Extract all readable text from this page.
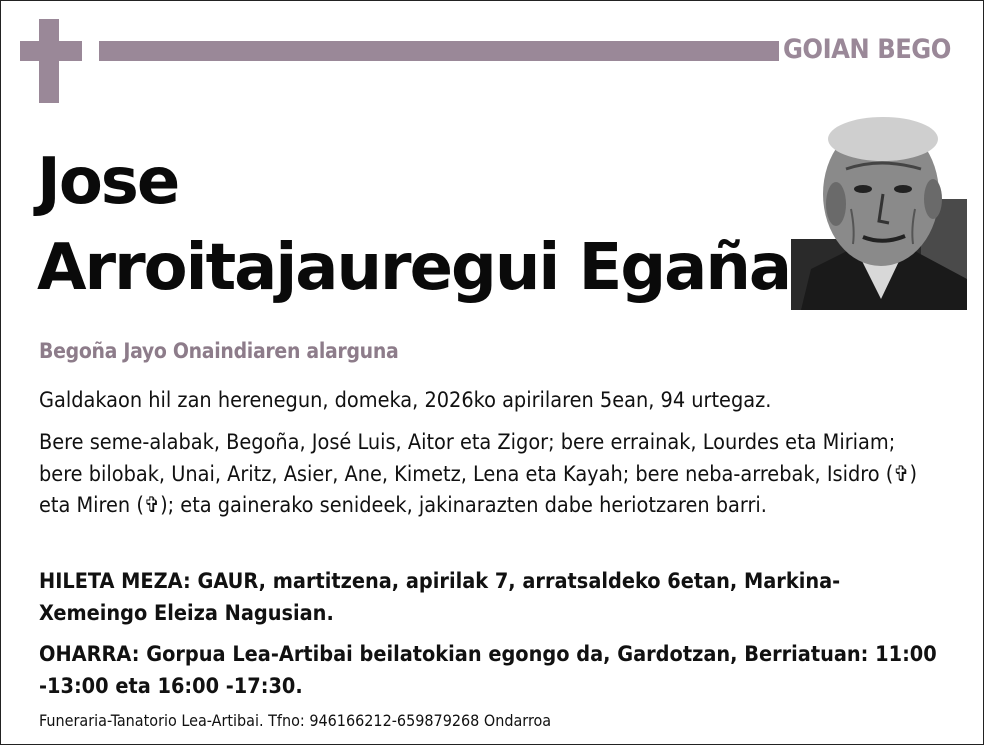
GOIAN BEGO
Jose
Arroitajauregui Egaña
Begoña Jayo Onaindiaren alarguna
Galdakaon hil zan herenegun, domeka, 2026ko apirilaren 5ean, 94 urtegaz.
Bere seme-alabak, Begoña, José Luis, Aitor eta Zigor; bere errainak, Lourdes eta Miriam; bere bilobak, Unai, Aritz, Asier, Ane, Kimetz, Lena eta Kayah; bere neba-arrebak, Isidro (✞) eta Miren (✞); eta gainerako senideek, jakinarazten dabe heriotzaren barri.
HILETA MEZA: GAUR, martitzena, apirilak 7, arratsaldeko 6etan, Markina-Xemeingo Eleiza Nagusian.
OHARRA: Gorpua Lea-Artibai beilatokian egongo da, Gardotzan, Berriatuan: 11:00 -13:00 eta 16:00 -17:30.
Funeraria-Tanatorio Lea-Artibai. Tfno: 946166212-659879268 Ondarroa
